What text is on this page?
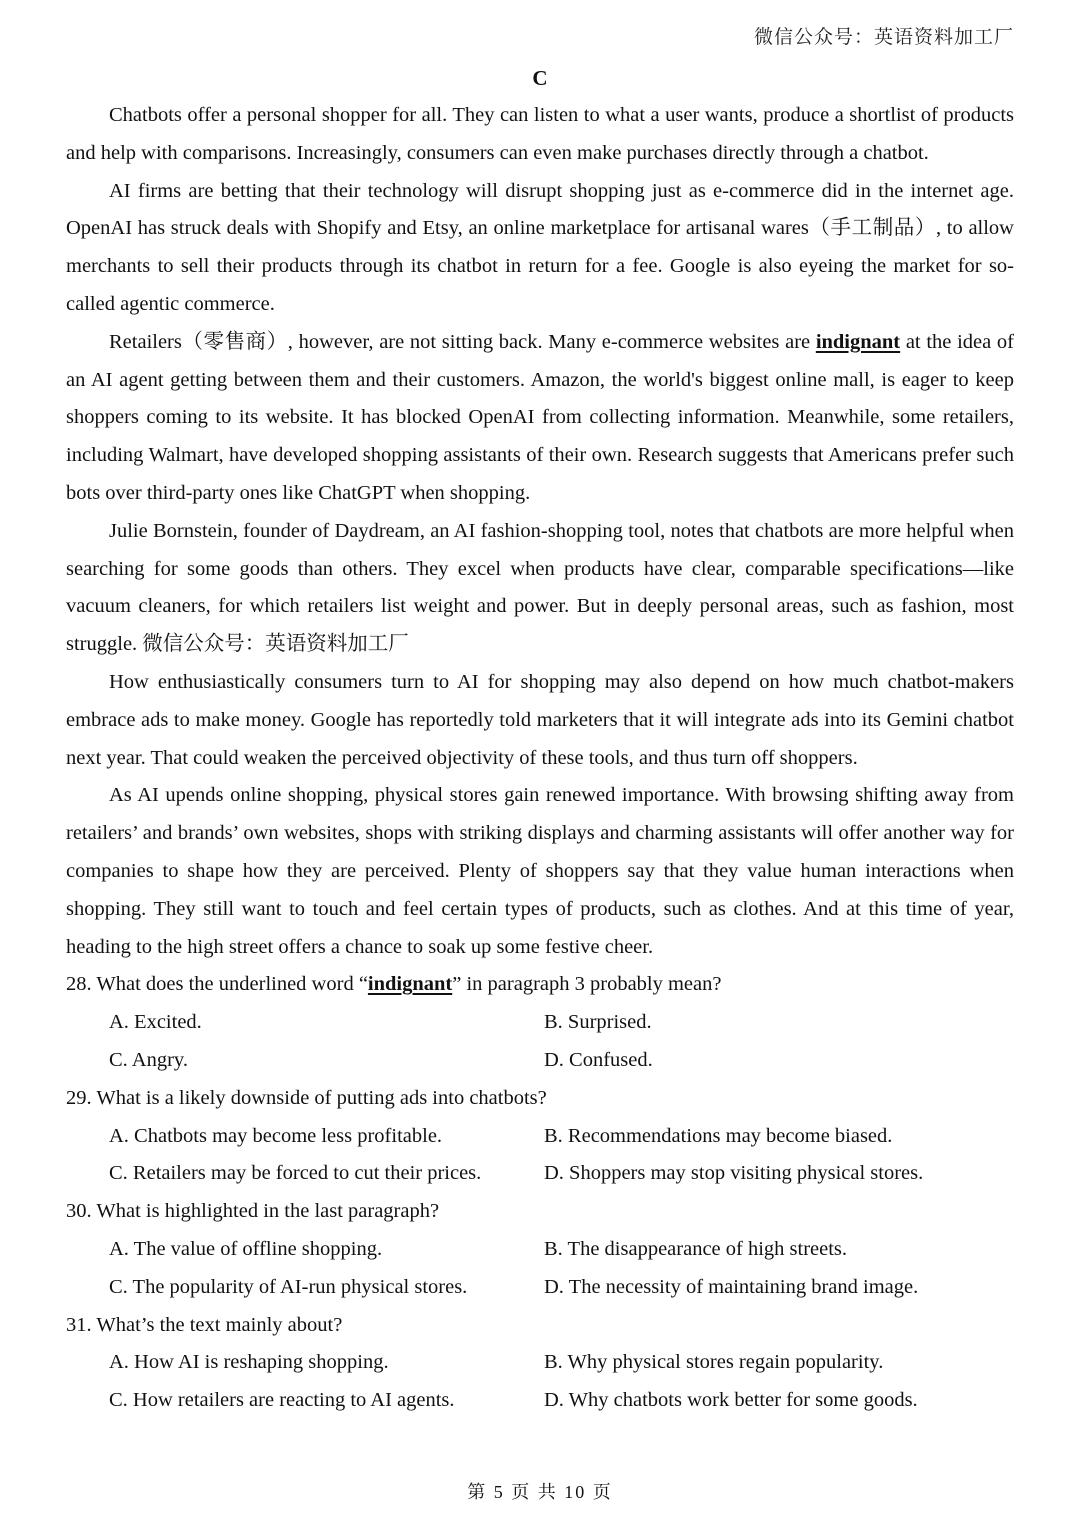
微信公众号：英语资料加工厂
C

Chatbots offer a personal shopper for all. They can listen to what a user wants, produce a shortlist of products and help with comparisons. Increasingly, consumers can even make purchases directly through a chatbot.

AI firms are betting that their technology will disrupt shopping just as e-commerce did in the internet age. OpenAI has struck deals with Shopify and Etsy, an online marketplace for artisanal wares（手工制品）, to allow merchants to sell their products through its chatbot in return for a fee. Google is also eyeing the market for so-called agentic commerce.

Retailers（零售商）, however, are not sitting back. Many e-commerce websites are indignant at the idea of an AI agent getting between them and their customers. Amazon, the world's biggest online mall, is eager to keep shoppers coming to its website. It has blocked OpenAI from collecting information. Meanwhile, some retailers, including Walmart, have developed shopping assistants of their own. Research suggests that Americans prefer such bots over third-party ones like ChatGPT when shopping.

Julie Bornstein, founder of Daydream, an AI fashion-shopping tool, notes that chatbots are more helpful when searching for some goods than others. They excel when products have clear, comparable specifications—like vacuum cleaners, for which retailers list weight and power. But in deeply personal areas, such as fashion, most struggle. 微信公众号：英语资料加工厂

How enthusiastically consumers turn to AI for shopping may also depend on how much chatbot-makers embrace ads to make money. Google has reportedly told marketers that it will integrate ads into its Gemini chatbot next year. That could weaken the perceived objectivity of these tools, and thus turn off shoppers.

As AI upends online shopping, physical stores gain renewed importance. With browsing shifting away from retailers’ and brands’ own websites, shops with striking displays and charming assistants will offer another way for companies to shape how they are perceived. Plenty of shoppers say that they value human interactions when shopping. They still want to touch and feel certain types of products, such as clothes. And at this time of year, heading to the high street offers a chance to soak up some festive cheer.

28. What does the underlined word “indignant” in paragraph 3 probably mean?
A. Excited.	B. Surprised.
C. Angry.	D. Confused.
29. What is a likely downside of putting ads into chatbots?
A. Chatbots may become less profitable.	B. Recommendations may become biased.
C. Retailers may be forced to cut their prices.	D. Shoppers may stop visiting physical stores.
30. What is highlighted in the last paragraph?
A. The value of offline shopping.	B. The disappearance of high streets.
C. The popularity of AI-run physical stores.	D. The necessity of maintaining brand image.
31. What’s the text mainly about?
A. How AI is reshaping shopping.	B. Why physical stores regain popularity.
C. How retailers are reacting to AI agents.	D. Why chatbots work better for some goods.
第 5 页 共 10 页
